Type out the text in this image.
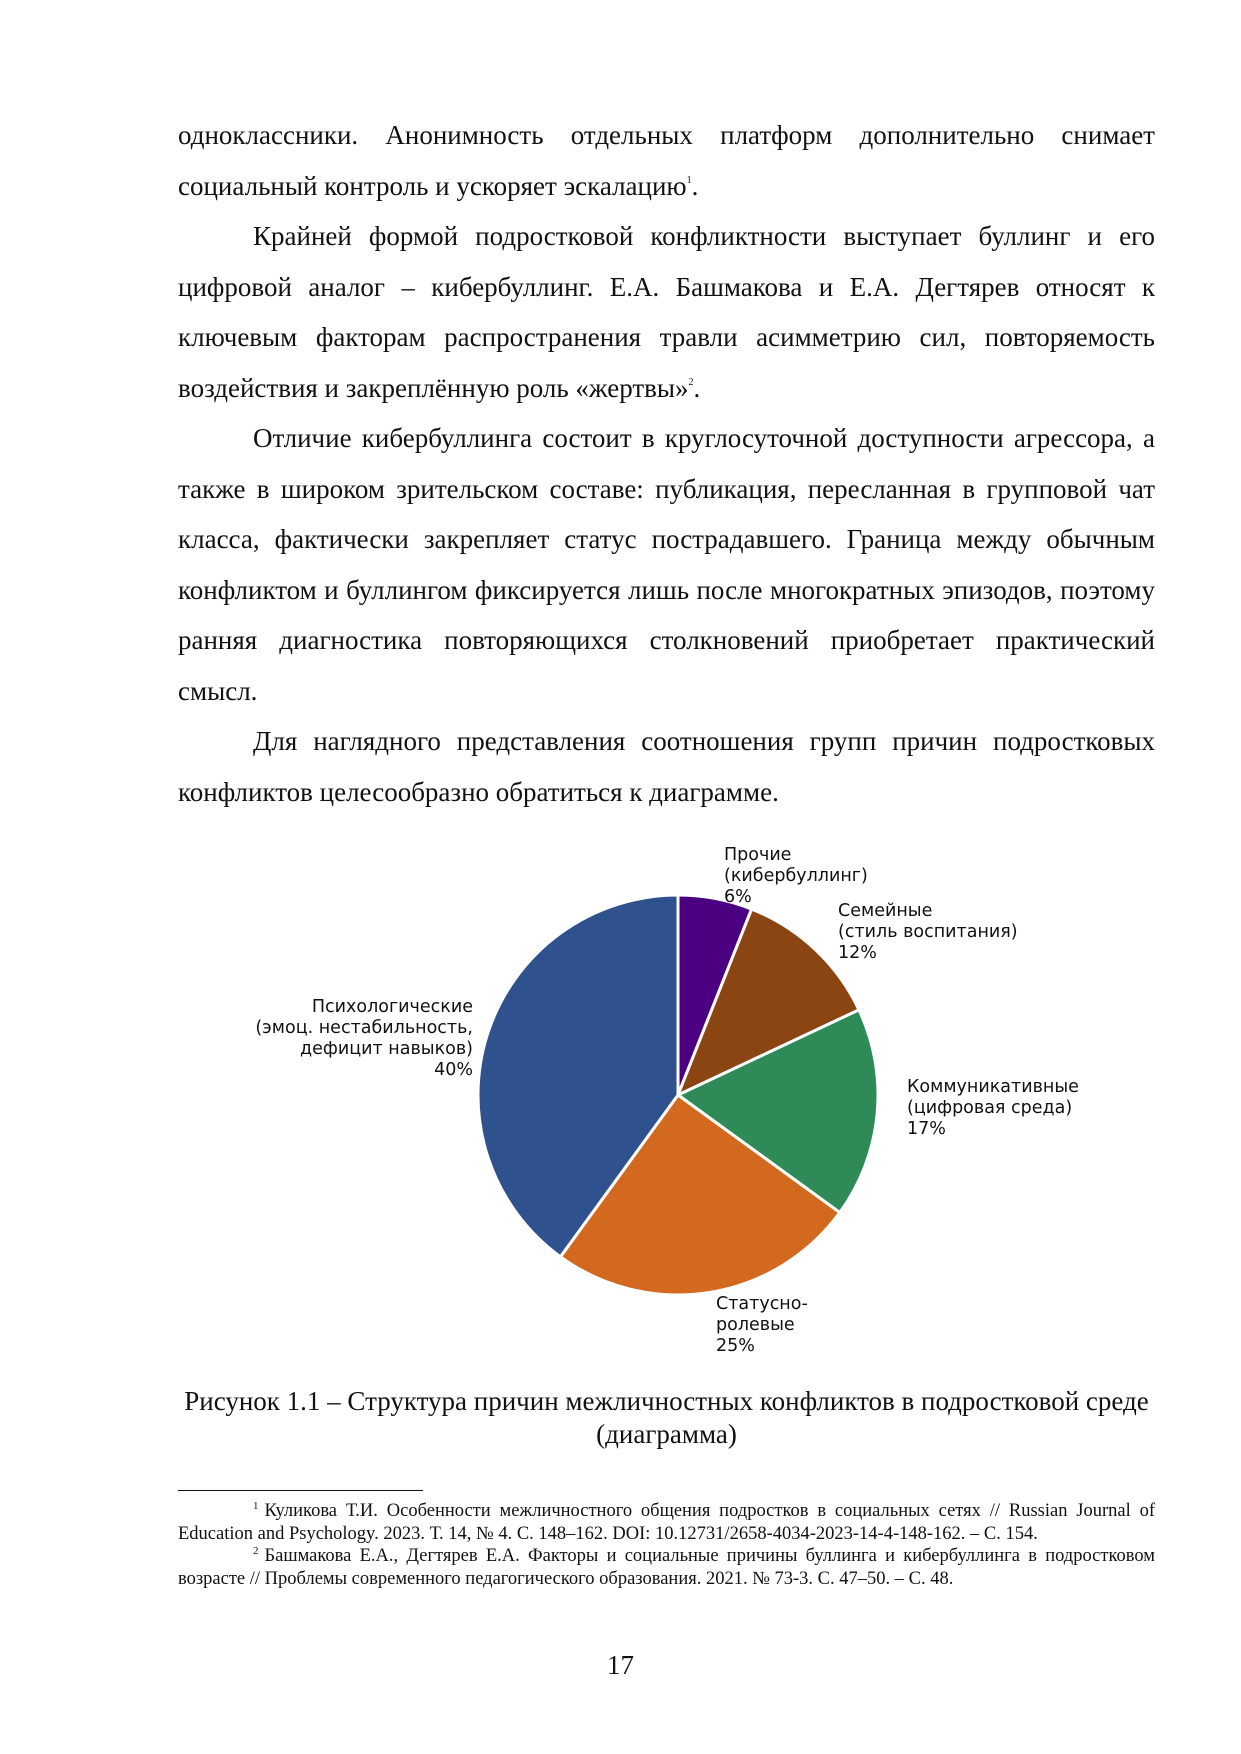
одноклассники. Анонимность отдельных платформ дополнительно снимает социальный контроль и ускоряет эскалацию$^1$.

Крайней формой подростковой конфликтности выступает буллинг и его цифровой аналог – кибербуллинг. Е.А. Башмакова и Е.А. Дегтярев относят к ключевым факторам распространения травли асимметрию сил, повторяемость воздействия и закреплённую роль «жертвы»$^2$.

Отличие кибербуллинга состоит в круглосуточной доступности агрессора, а также в широком зрительском составе: публикация, пересланная в групповой чат класса, фактически закрепляет статус пострадавшего. Граница между обычным конфликтом и буллингом фиксируется лишь после многократных эпизодов, поэтому ранняя диагностика повторяющихся столкновений приобретает практический смысл.

Для наглядного представления соотношения групп причин подростковых конфликтов целесообразно обратиться к диаграмме.

Прочие (кибербуллинг) 6%
Семейные (стиль воспитания) 12%
Коммуникативные (цифровая среда) 17%
Статусно-ролевые 25%
Психологические (эмоц. нестабильность, дефицит навыков) 40%

Рисунок 1.1 – Структура причин межличностных конфликтов в подростковой среде (диаграмма)

$^1$ Куликова Т.И. Особенности межличностного общения подростков в социальных сетях // Russian Journal of Education and Psychology. 2023. Т. 14, № 4. С. 148–162. DOI: 10.12731/2658-4034-2023-14-4-148-162. – С. 154.

$^2$ Башмакова Е.А., Дегтярев Е.А. Факторы и социальные причины буллинга и кибербуллинга в подростковом возрасте // Проблемы современного педагогического образования. 2021. № 73-3. С. 47–50. – С. 48.

17
